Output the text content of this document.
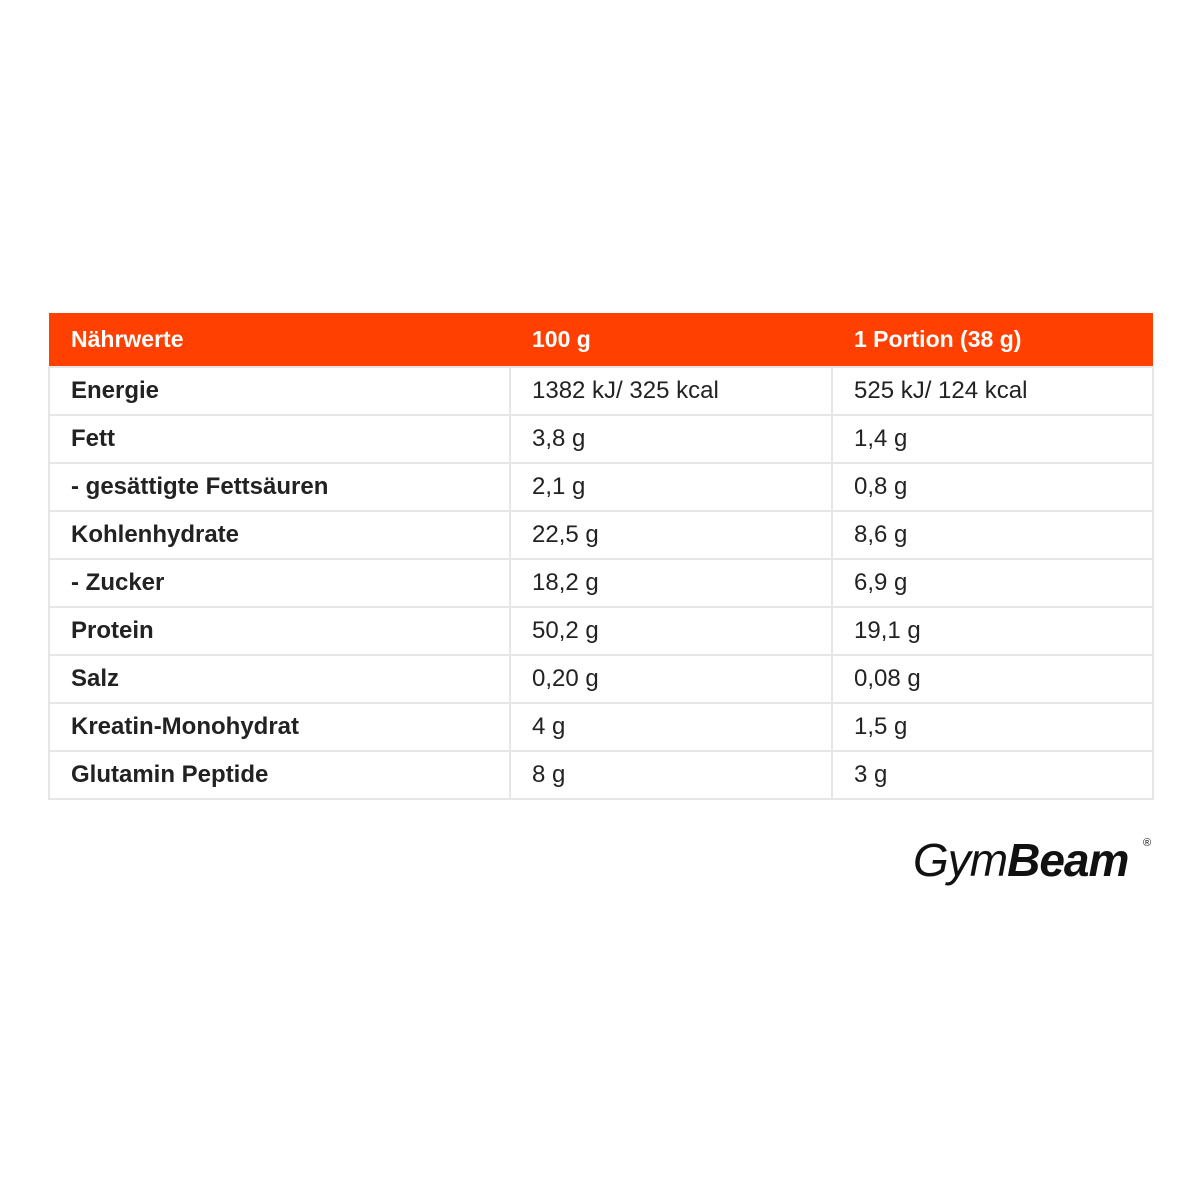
Nährwerte	100 g	1 Portion (38 g)
Energie	1382 kJ/ 325 kcal	525 kJ/ 124 kcal
Fett	3,8 g	1,4 g
- gesättigte Fettsäuren	2,1 g	0,8 g
Kohlenhydrate	22,5 g	8,6 g
- Zucker	18,2 g	6,9 g
Protein	50,2 g	19,1 g
Salz	0,20 g	0,08 g
Kreatin-Monohydrat	4 g	1,5 g
Glutamin Peptide	8 g	3 g
GymBeam ®
